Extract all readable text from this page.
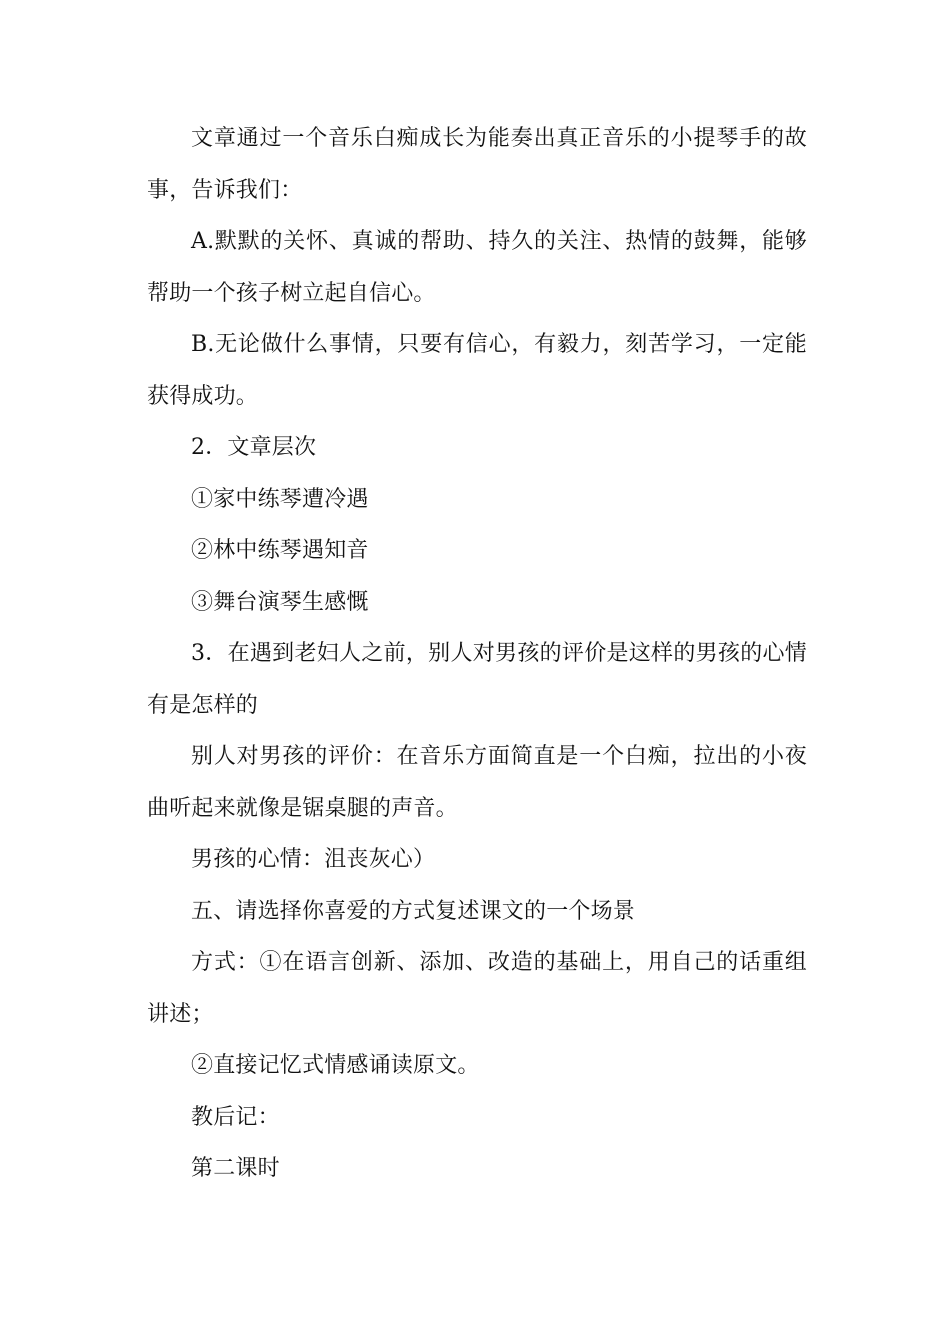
文章通过一个音乐白痴成长为能奏出真正音乐的小提琴手的故事，告诉我们：

A.默默的关怀、真诚的帮助、持久的关注、热情的鼓舞，能够帮助一个孩子树立起自信心。

B.无论做什么事情，只要有信心，有毅力，刻苦学习，一定能获得成功。

2．文章层次

①家中练琴遭冷遇

②林中练琴遇知音

③舞台演琴生感慨

3．在遇到老妇人之前，别人对男孩的评价是这样的男孩的心情有是怎样的

别人对男孩的评价：在音乐方面简直是一个白痴，拉出的小夜曲听起来就像是锯桌腿的声音。

男孩的心情：沮丧灰心）

五、请选择你喜爱的方式复述课文的一个场景

方式：①在语言创新、添加、改造的基础上，用自己的话重组讲述；

②直接记忆式情感诵读原文。

教后记：

第二课时
